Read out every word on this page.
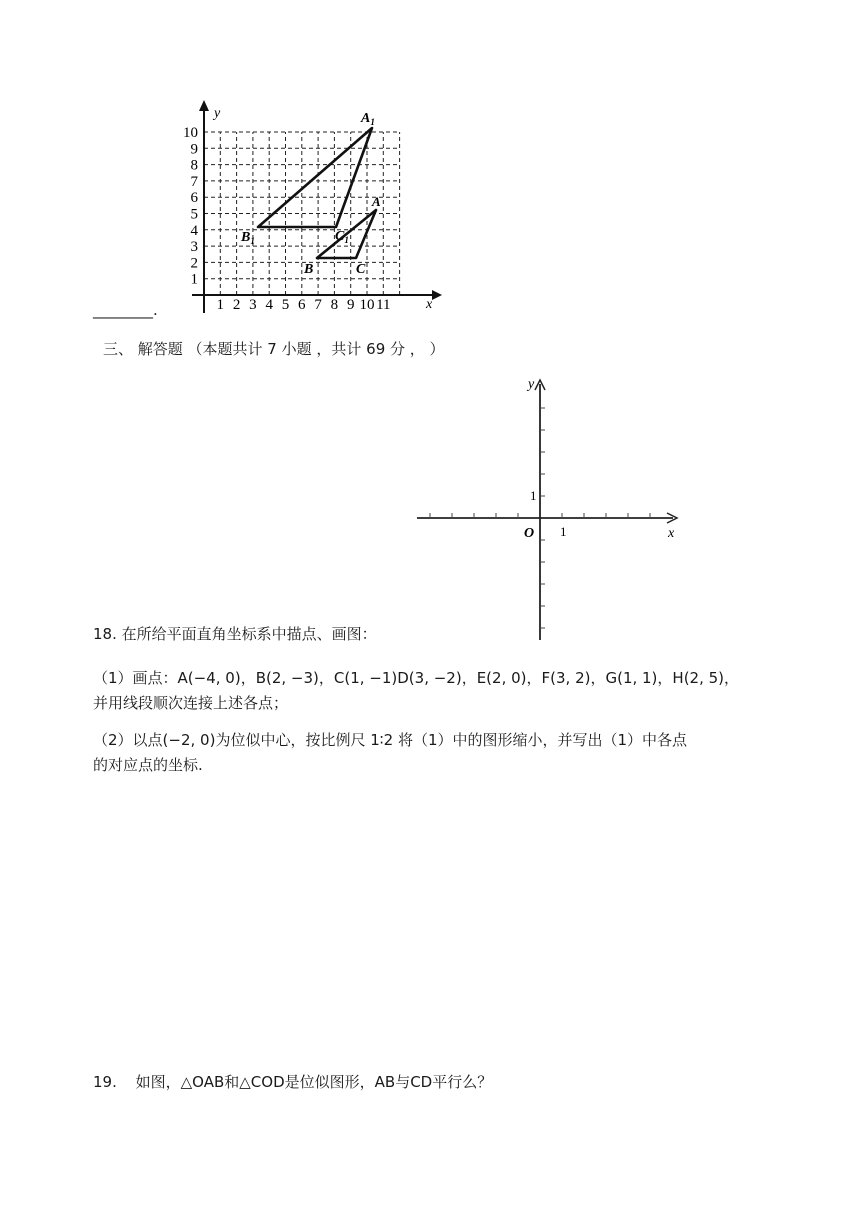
y
x
10
9
8
7
6
5
4
3
2
1
1 2 3 4 5 6 7 8 9 10 11
$A_1$
$B_1$	$C_1$
A
B	C
________.
三、 解答题 （本题共计 7 小题 ，共计 69 分 ， ）
y
x
O 1
1
18. 在所给平面直角坐标系中描点、画图：
（1）画点：A(−4, 0)，B(2, −3)，C(1, −1)D(3, −2)，E(2, 0)，F(3, 2)，G(1, 1)，H(2, 5)，
并用线段顺次连接上述各点；
（2）以点(−2, 0)为位似中心，按比例尺 1∶2 将（1）中的图形缩小，并写出（1）中各点
的对应点的坐标.
19. 如图，△OAB和△COD是位似图形，AB与CD平行么？
